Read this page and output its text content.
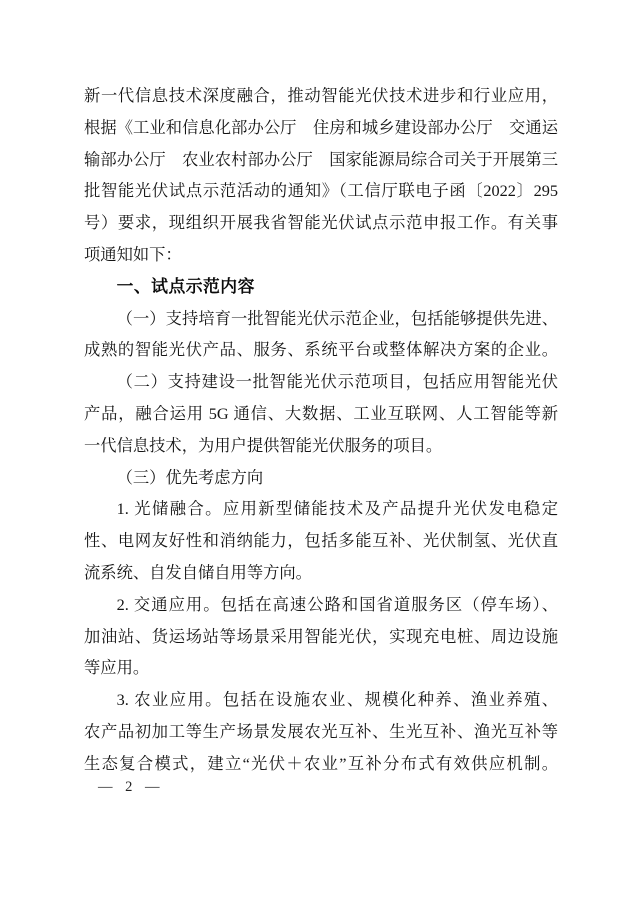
新一代信息技术深度融合，推动智能光伏技术进步和行业应用，
根据《工业和信息化部办公厅　住房和城乡建设部办公厅　交通运
输部办公厅　农业农村部办公厅　国家能源局综合司关于开展第三
批智能光伏试点示范活动的通知》（工信厅联电子函〔2022〕295
号）要求，现组织开展我省智能光伏试点示范申报工作。有关事
项通知如下：
一、试点示范内容
（一）支持培育一批智能光伏示范企业，包括能够提供先进、
成熟的智能光伏产品、服务、系统平台或整体解决方案的企业。
（二）支持建设一批智能光伏示范项目，包括应用智能光伏
产品，融合运用 5G 通信、大数据、工业互联网、人工智能等新
一代信息技术，为用户提供智能光伏服务的项目。
（三）优先考虑方向
1. 光储融合。应用新型储能技术及产品提升光伏发电稳定
性、电网友好性和消纳能力，包括多能互补、光伏制氢、光伏直
流系统、自发自储自用等方向。
2. 交通应用。包括在高速公路和国省道服务区（停车场）、
加油站、货运场站等场景采用智能光伏，实现充电桩、周边设施
等应用。
3. 农业应用。包括在设施农业、规模化种养、渔业养殖、
农产品初加工等生产场景发展农光互补、生光互补、渔光互补等
生态复合模式，建立“光伏＋农业”互补分布式有效供应机制。
— 2 —
